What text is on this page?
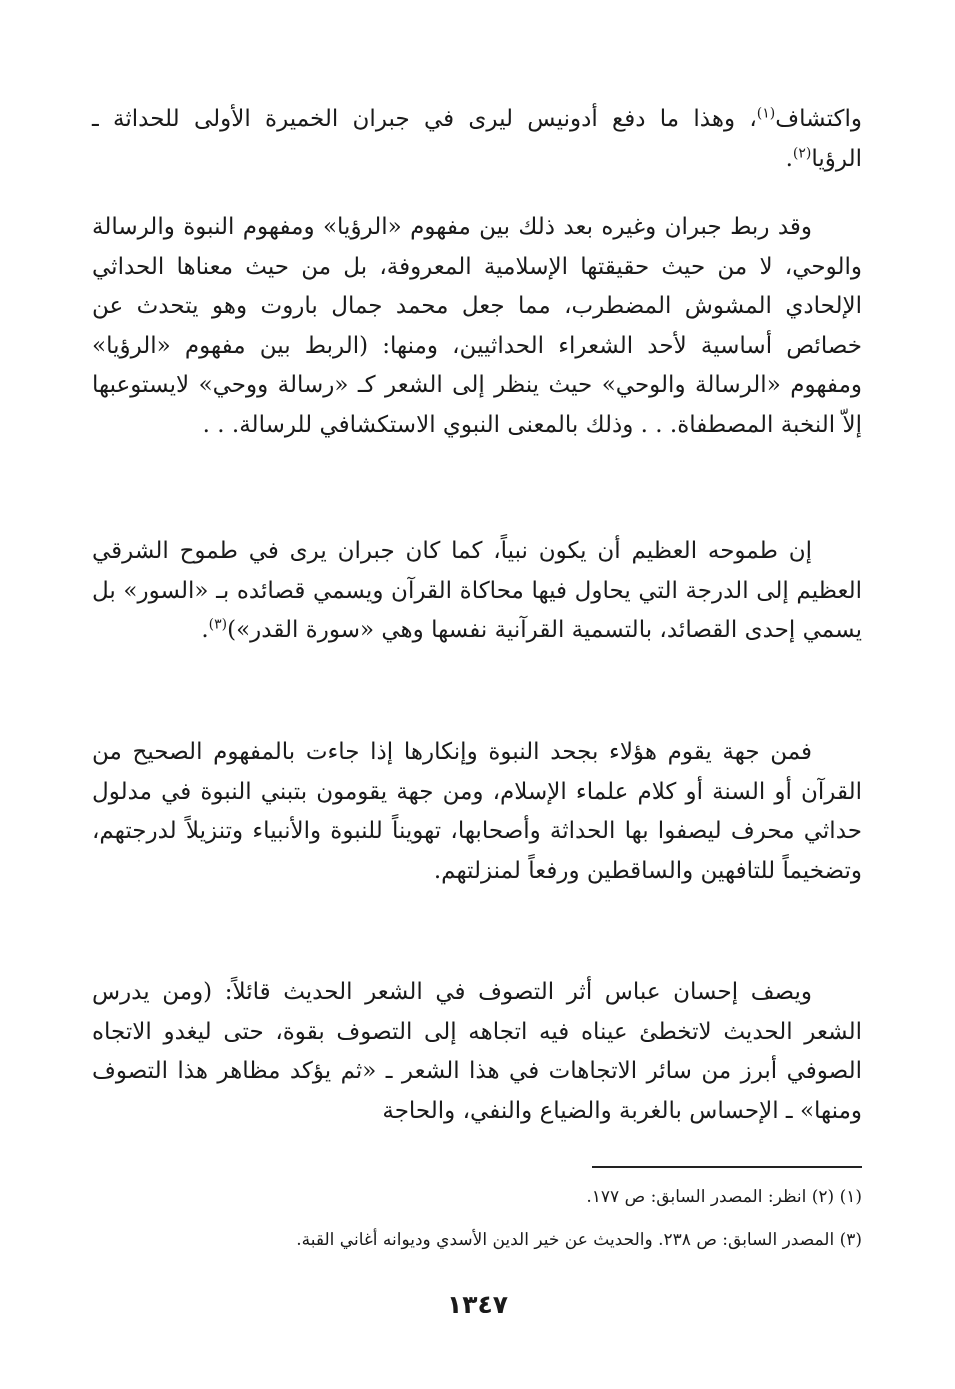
واكتشاف$^{(١)}$، وهذا ما دفع أدونيس ليرى في جبران الخميرة الأولى للحداثة ـ الرؤيا$^{(٢)}$.

وقد ربط جبران وغيره بعد ذلك بين مفهوم «الرؤيا» ومفهوم النبوة والرسالة والوحي، لا من حيث حقيقتها الإسلامية المعروفة، بل من حيث معناها الحداثي الإلحادي المشوش المضطرب، مما جعل محمد جمال باروت وهو يتحدث عن خصائص أساسية لأحد الشعراء الحداثيين، ومنها: (الربط بين مفهوم «الرؤيا» ومفهوم «الرسالة والوحي» حيث ينظر إلى الشعر كـ «رسالة ووحي» لايستوعبها إلاّ النخبة المصطفاة. . . وذلك بالمعنى النبوي الاستكشافي للرسالة. . .

إن طموحه العظيم أن يكون نبياً، كما كان جبران يرى في طموح الشرقي العظيم إلى الدرجة التي يحاول فيها محاكاة القرآن ويسمي قصائده بـ «السور» بل يسمي إحدى القصائد، بالتسمية القرآنية نفسها وهي «سورة القدر»)$^{(٣)}$.

فمن جهة يقوم هؤلاء بجحد النبوة وإنكارها إذا جاءت بالمفهوم الصحيح من القرآن أو السنة أو كلام علماء الإسلام، ومن جهة يقومون بتبني النبوة في مدلول حداثي محرف ليصفوا بها الحداثة وأصحابها، تهويناً للنبوة والأنبياء وتنزيلاً لدرجتهم، وتضخيماً للتافهين والساقطين ورفعاً لمنزلتهم.

ويصف إحسان عباس أثر التصوف في الشعر الحديث قائلاً: (ومن يدرس الشعر الحديث لاتخطئ عيناه فيه اتجاهه إلى التصوف بقوة، حتى ليغدو الاتجاه الصوفي أبرز من سائر الاتجاهات في هذا الشعر ـ «ثم يؤكد مظاهر هذا التصوف ومنها» ـ الإحساس بالغربة والضياع والنفي، والحاجة

(١) (٢) انظر: المصدر السابق: ص ١٧٧.
(٣) المصدر السابق: ص ٢٣٨. والحديث عن خير الدين الأسدي وديوانه أغاني القبة.
١٣٤٧
